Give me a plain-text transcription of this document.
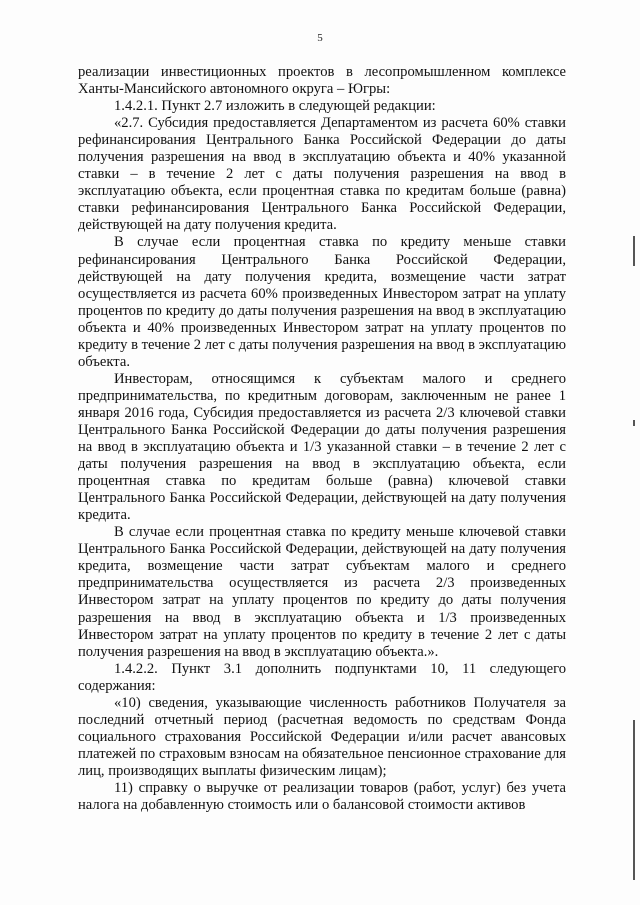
5

реализации инвестиционных проектов в лесопромышленном комплексе Ханты-Мансийского автономного округа – Югры:

1.4.2.1. Пункт 2.7 изложить в следующей редакции:

«2.7. Субсидия предоставляется Департаментом из расчета 60% ставки рефинансирования Центрального Банка Российской Федерации до даты получения разрешения на ввод в эксплуатацию объекта и 40% указанной ставки – в течение 2 лет с даты получения разрешения на ввод в эксплуатацию объекта, если процентная ставка по кредитам больше (равна) ставки рефинансирования Центрального Банка Российской Федерации, действующей на дату получения кредита.

В случае если процентная ставка по кредиту меньше ставки рефинансирования Центрального Банка Российской Федерации, действующей на дату получения кредита, возмещение части затрат осуществляется из расчета 60% произведенных Инвестором затрат на уплату процентов по кредиту до даты получения разрешения на ввод в эксплуатацию объекта и 40% произведенных Инвестором затрат на уплату процентов по кредиту в течение 2 лет с даты получения разрешения на ввод в эксплуатацию объекта.

Инвесторам, относящимся к субъектам малого и среднего предпринимательства, по кредитным договорам, заключенным не ранее 1 января 2016 года, Субсидия предоставляется из расчета 2/3 ключевой ставки Центрального Банка Российской Федерации до даты получения разрешения на ввод в эксплуатацию объекта и 1/3 указанной ставки – в течение 2 лет с даты получения разрешения на ввод в эксплуатацию объекта, если процентная ставка по кредитам больше (равна) ключевой ставки Центрального Банка Российской Федерации, действующей на дату получения кредита.

В случае если процентная ставка по кредиту меньше ключевой ставки Центрального Банка Российской Федерации, действующей на дату получения кредита, возмещение части затрат субъектам малого и среднего предпринимательства осуществляется из расчета 2/3 произведенных Инвестором затрат на уплату процентов по кредиту до даты получения разрешения на ввод в эксплуатацию объекта и 1/3 произведенных Инвестором затрат на уплату процентов по кредиту в течение 2 лет с даты получения разрешения на ввод в эксплуатацию объекта.».

1.4.2.2. Пункт 3.1 дополнить подпунктами 10, 11 следующего содержания:

«10) сведения, указывающие численность работников Получателя за последний отчетный период (расчетная ведомость по средствам Фонда социального страхования Российской Федерации и/или расчет авансовых платежей по страховым взносам на обязательное пенсионное страхование для лиц, производящих выплаты физическим лицам);

11) справку о выручке от реализации товаров (работ, услуг) без учета налога на добавленную стоимость или о балансовой стоимости активов
